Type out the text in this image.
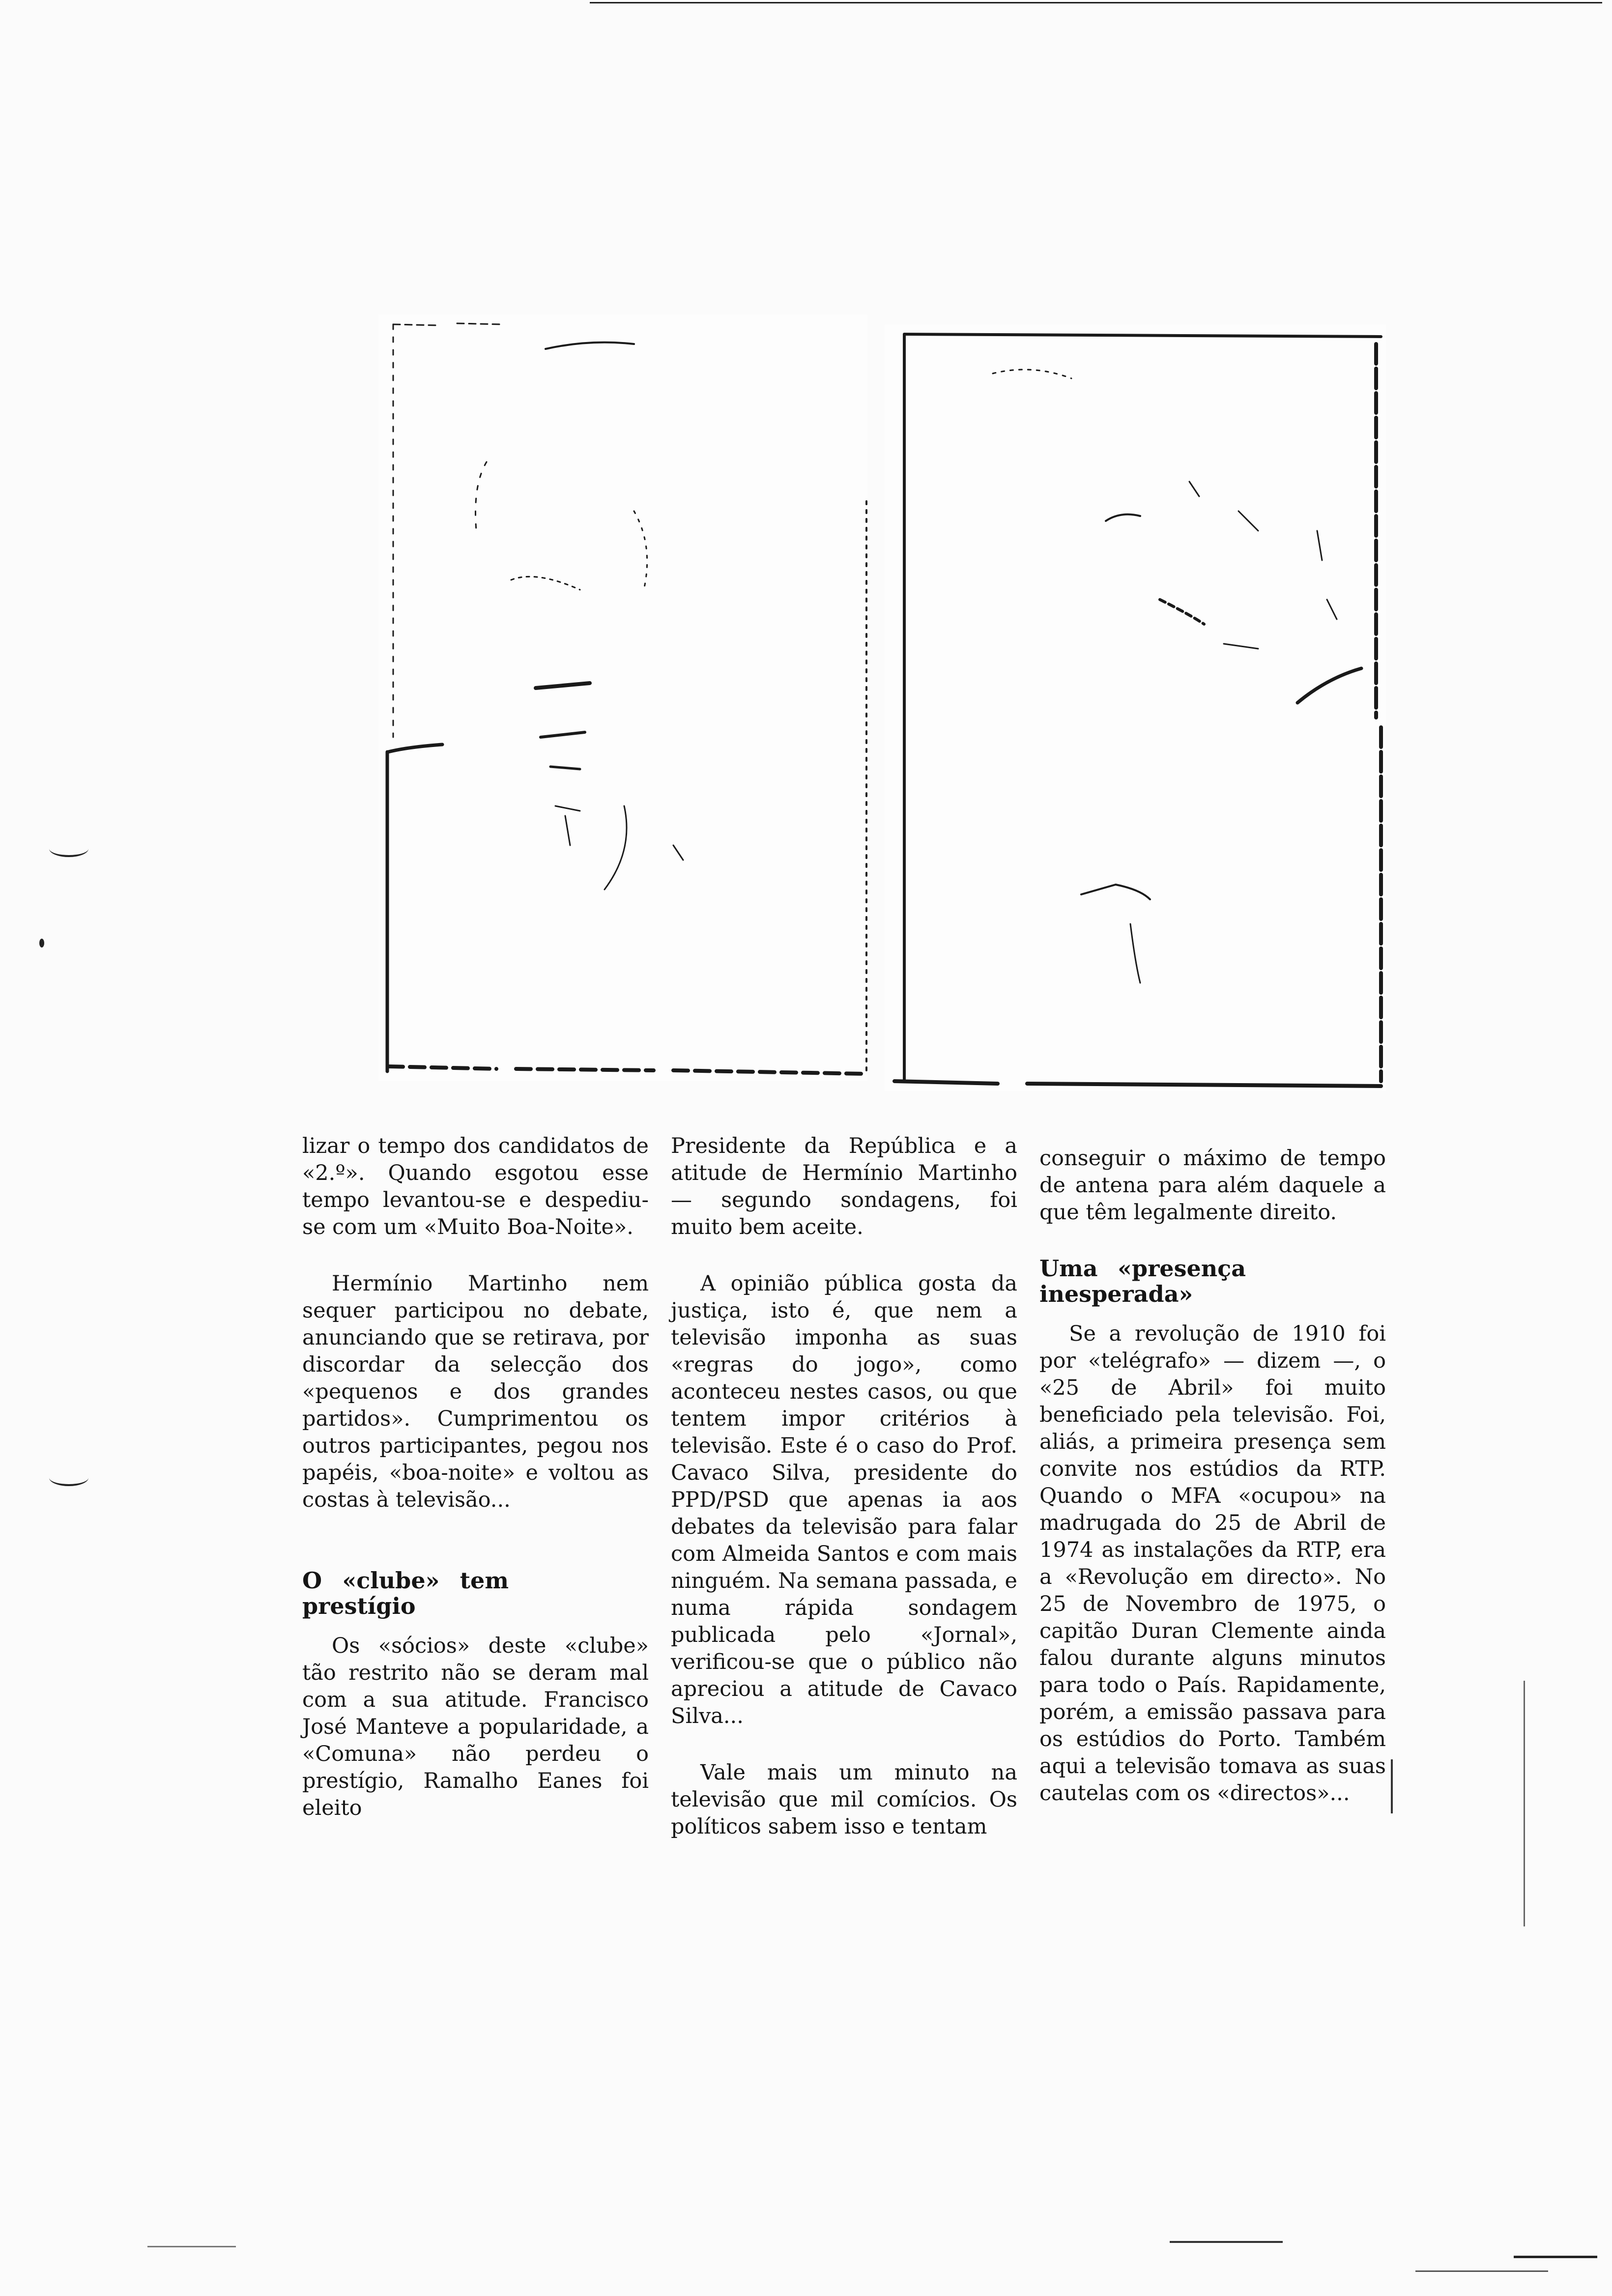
lizar o tempo dos candidatos de «2.º». Quando esgotou esse tempo levantou-se e despediu-se com um «Muito Boa-Noite».

Hermínio Martinho nem sequer participou no debate, anunciando que se retirava, por discordar da selecção dos «pequenos e dos grandes partidos». Cumprimentou os outros participantes, pegou nos papéis, «boa-noite» e voltou as costas à televisão...

O «clube» tem prestígio

Os «sócios» deste «clube» tão restrito não se deram mal com a sua atitude. Francisco José Manteve a popularidade, a «Comuna» não perdeu o prestígio, Ramalho Eanes foi eleito

Presidente da República e a atitude de Hermínio Martinho — segundo sondagens, foi muito bem aceite.

A opinião pública gosta da justiça, isto é, que nem a televisão imponha as suas «regras do jogo», como aconteceu nestes casos, ou que tentem impor critérios à televisão. Este é o caso do Prof. Cavaco Silva, presidente do PPD/PSD que apenas ia aos debates da televisão para falar com Almeida Santos e com mais ninguém. Na semana passada, e numa rápida sondagem publicada pelo «Jornal», verificou-se que o público não apreciou a atitude de Cavaco Silva...

Vale mais um minuto na televisão que mil comícios. Os políticos sabem isso e tentam

conseguir o máximo de tempo de antena para além daquele a que têm legalmente direito.

Uma «presença inesperada»

Se a revolução de 1910 foi por «telégrafo» — dizem —, o «25 de Abril» foi muito beneficiado pela televisão. Foi, aliás, a primeira presença sem convite nos estúdios da RTP. Quando o MFA «ocupou» na madrugada do 25 de Abril de 1974 as instalações da RTP, era a «Revolução em directo». No 25 de Novembro de 1975, o capitão Duran Clemente ainda falou durante alguns minutos para todo o País. Rapidamente, porém, a emissão passava para os estúdios do Porto. Também aqui a televisão tomava as suas cautelas com os «directos»...
